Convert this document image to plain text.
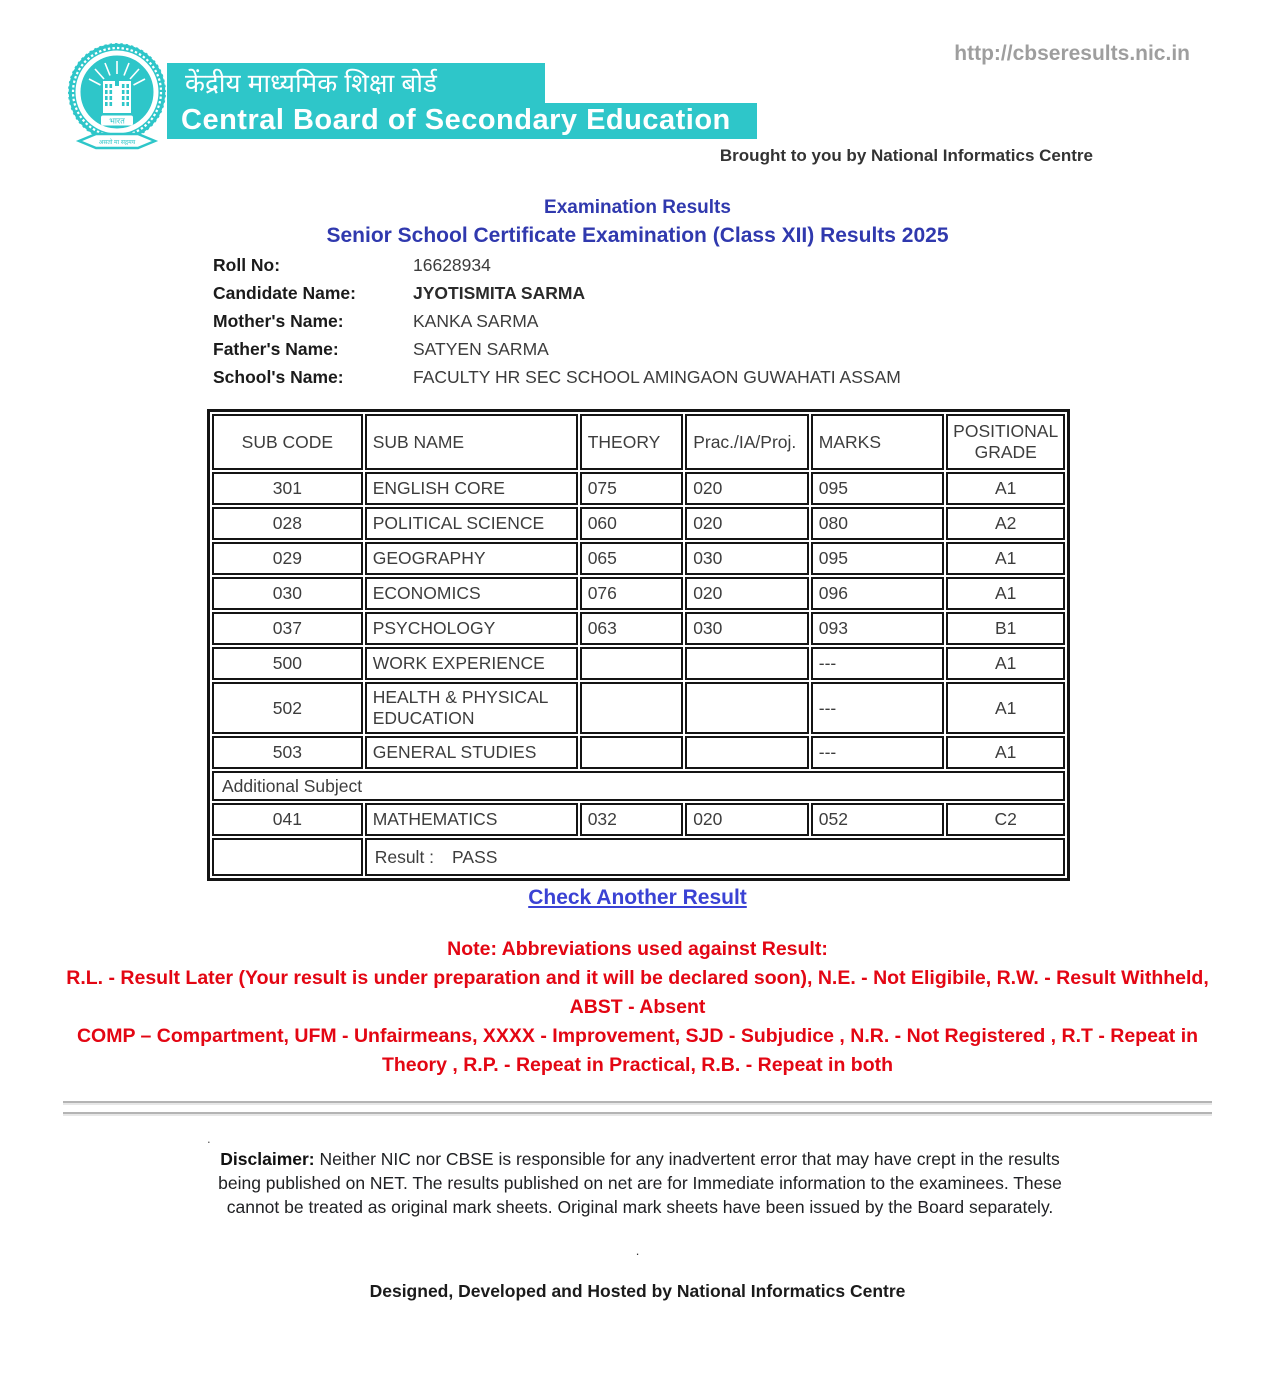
http://cbseresults.nic.in
भारत
असतो मा सद्गमय
केंद्रीय माध्यमिक शिक्षा बोर्ड
Central Board of Secondary Education
Brought to you by National Informatics Centre
Examination Results
Senior School Certificate Examination (Class XII) Results 2025
Roll No:	16628934
Candidate Name:	JYOTISMITA SARMA
Mother's Name:	KANKA SARMA
Father's Name:	SATYEN SARMA
School's Name:	FACULTY HR SEC SCHOOL AMINGAON GUWAHATI ASSAM
SUB CODE	SUB NAME	THEORY	Prac./IA/Proj.	MARKS	POSITIONAL GRADE
301	ENGLISH CORE	075	020	095	A1
028	POLITICAL SCIENCE	060	020	080	A2
029	GEOGRAPHY	065	030	095	A1
030	ECONOMICS	076	020	096	A1
037	PSYCHOLOGY	063	030	093	B1
500	WORK EXPERIENCE			---	A1
502	HEALTH & PHYSICAL EDUCATION			---	A1
503	GENERAL STUDIES			---	A1
Additional Subject					
041	MATHEMATICS	032	020	052	C2
	Result : PASS				
Check Another Result

Note: Abbreviations used against Result:

R.L. - Result Later (Your result is under preparation and it will be declared soon), N.E. - Not Eligibile, R.W. - Result Withheld, ABST - Absent

COMP – Compartment, UFM - Unfairmeans, XXXX - Improvement, SJD - Subjudice , N.R. - Not Registered , R.T - Repeat in Theory , R.P. - Repeat in Practical, R.B. - Repeat in both

.
Disclaimer: Neither NIC nor CBSE is responsible for any inadvertent error that may have crept in the results being published on NET. The results published on net are for Immediate information to the examinees. These cannot be treated as original mark sheets. Original mark sheets have been issued by the Board separately.
.
Designed, Developed and Hosted by National Informatics Centre
